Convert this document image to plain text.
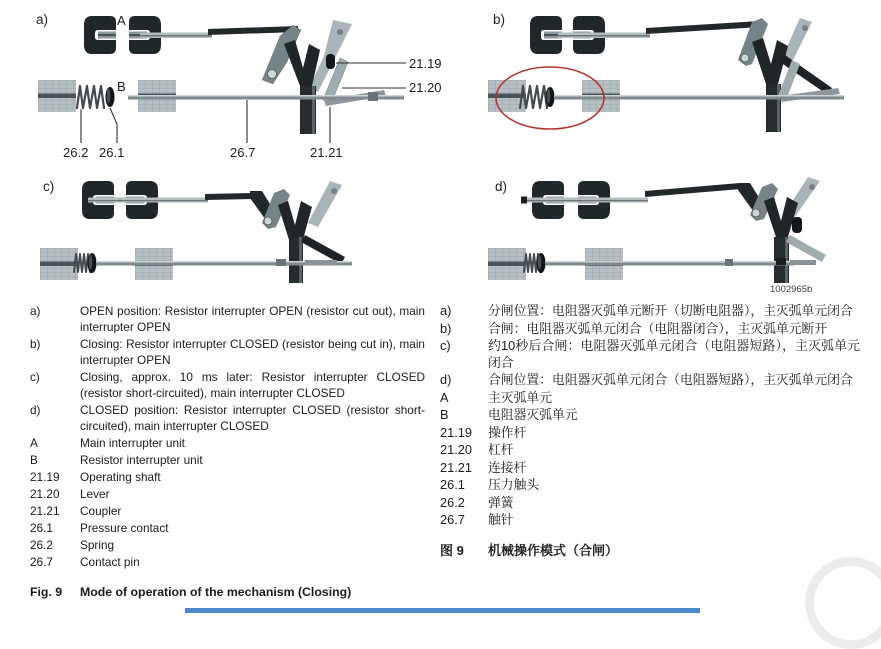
a)	A
B
21.19
21.20
21.21
26.7
26.2 26.1
b)
c)	d)
1002965b
a)	OPEN position: Resistor interrupter OPEN (resistor cut out), main interrupter OPEN
b)	Closing: Resistor interrupter CLOSED (resistor being cut in), main interrupter OPEN
c)	Closing, approx. 10 ms later: Resistor interrupter CLOSED (resistor short-circuited), main interrupter CLOSED
d)	CLOSED position: Resistor interrupter CLOSED (resistor short-circuited), main interrupter CLOSED
A	Main interrupter unit
B	Resistor interrupter unit
21.19	Operating shaft
21.20	Lever
21.21	Coupler
26.1	Pressure contact
26.2	Spring
26.7	Contact pin
Fig. 9	Mode of operation of the mechanism (Closing)
a)	分闸位置：电阻器灭弧单元断开（切断电阻器），主灭弧单元闭合
b)	合闸：电阻器灭弧单元闭合（电阻器闭合），主灭弧单元断开
c)	约10秒后合闸：电阻器灭弧单元闭合（电阻器短路），主灭弧单元闭合
d)	合闸位置：电阻器灭弧单元闭合（电阻器短路），主灭弧单元闭合
A	主灭弧单元
B	电阻器灭弧单元
21.19	操作杆
21.20	杠杆
21.21	连接杆
26.1	压力触头
26.2	弹簧
26.7	触针
图 9	机械操作模式（合闸）
